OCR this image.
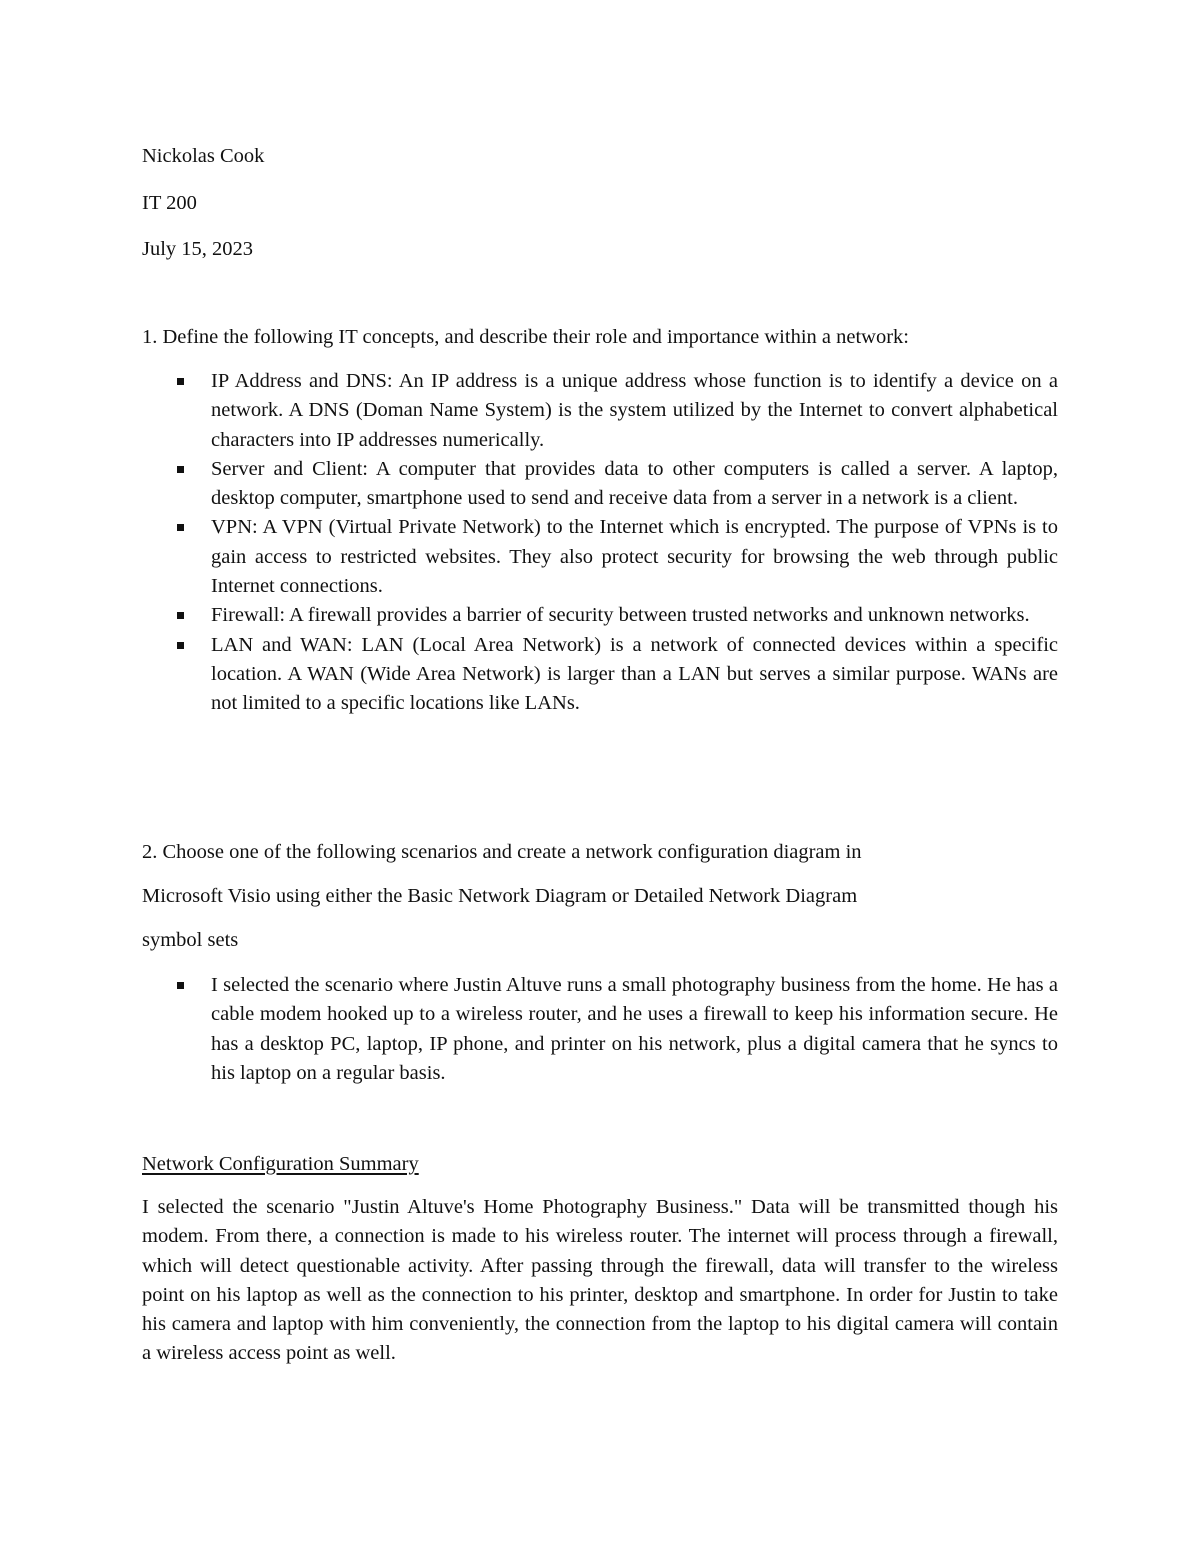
Nickolas Cook
IT 200
July 15, 2023
1. Define the following IT concepts, and describe their role and importance within a network:
IP Address and DNS: An IP address is a unique address whose function is to identify a device on a network. A DNS (Doman Name System) is the system utilized by the Internet to convert alphabetical characters into IP addresses numerically.
Server and Client: A computer that provides data to other computers is called a server. A laptop, desktop computer, smartphone used to send and receive data from a server in a network is a client.
VPN: A VPN (Virtual Private Network) to the Internet which is encrypted. The purpose of VPNs is to gain access to restricted websites. They also protect security for browsing the web through public Internet connections.
Firewall: A firewall provides a barrier of security between trusted networks and unknown networks.
LAN and WAN: LAN (Local Area Network) is a network of connected devices within a specific location. A WAN (Wide Area Network) is larger than a LAN but serves a similar purpose. WANs are not limited to a specific locations like LANs.
2. Choose one of the following scenarios and create a network configuration diagram in
Microsoft Visio using either the Basic Network Diagram or Detailed Network Diagram
symbol sets
I selected the scenario where Justin Altuve runs a small photography business from the home. He has a cable modem hooked up to a wireless router, and he uses a firewall to keep his information secure. He has a desktop PC, laptop, IP phone, and printer on his network, plus a digital camera that he syncs to his laptop on a regular basis.
Network Configuration Summary
I selected the scenario "Justin Altuve's Home Photography Business." Data will be transmitted though his modem. From there, a connection is made to his wireless router. The internet will process through a firewall, which will detect questionable activity. After passing through the firewall, data will transfer to the wireless point on his laptop as well as the connection to his printer, desktop and smartphone. In order for Justin to take his camera and laptop with him conveniently, the connection from the laptop to his digital camera will contain a wireless access point as well.
